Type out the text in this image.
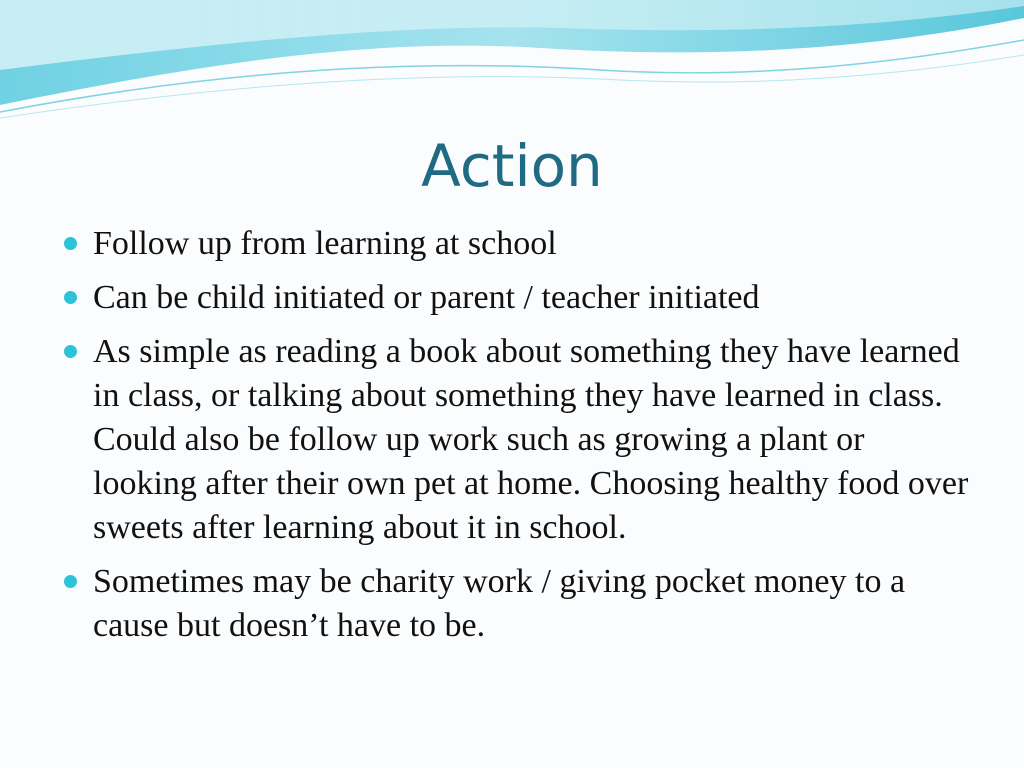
Action
Follow up from learning at school
Can be child initiated or parent / teacher initiated
As simple as reading a book about something they have learned in class, or talking about something they have learned in class. Could also be follow up work such as growing a plant or looking after their own pet at home. Choosing healthy food over sweets after learning about it in school.
Sometimes may be charity work / giving pocket money to a cause but doesn’t have to be.
